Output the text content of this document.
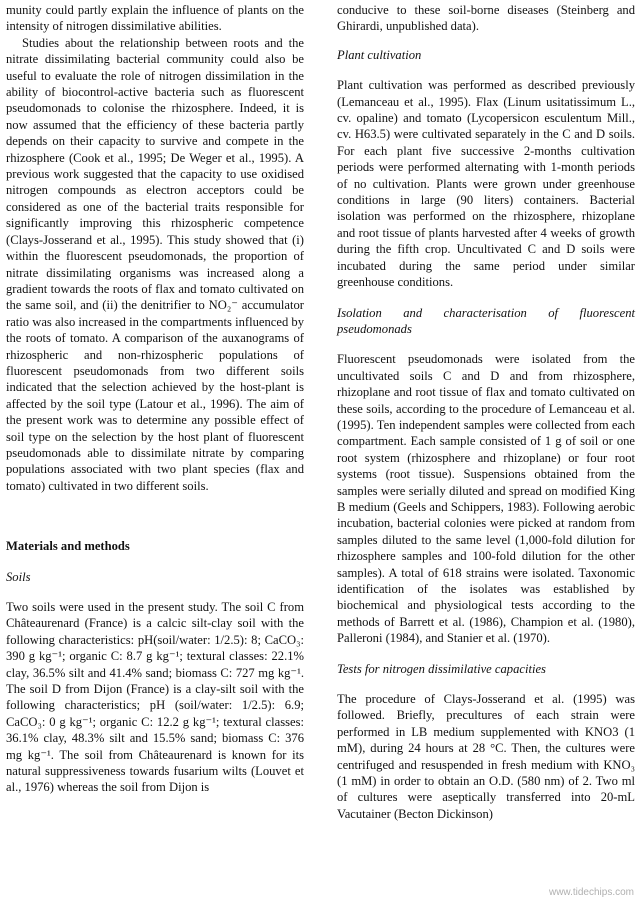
munity could partly explain the influence of plants on the intensity of nitrogen dissimilative abilities.

Studies about the relationship between roots and the nitrate dissimilating bacterial community could also be useful to evaluate the role of nitrogen dissimilation in the ability of biocontrol-active bacteria such as fluorescent pseudomonads to colonise the rhizosphere. Indeed, it is now assumed that the efficiency of these bacteria partly depends on their capacity to survive and compete in the rhizosphere (Cook et al., 1995; De Weger et al., 1995). A previous work suggested that the capacity to use oxidised nitrogen compounds as electron acceptors could be considered as one of the bacterial traits responsible for significantly improving this rhizospheric competence (Clays-Josserand et al., 1995). This study showed that (i) within the fluorescent pseudomonads, the proportion of nitrate dissimilating organisms was increased along a gradient towards the roots of flax and tomato cultivated on the same soil, and (ii) the denitrifier to NO₂⁻ accumulator ratio was also increased in the compartments influenced by the roots of tomato. A comparison of the auxanograms of rhizospheric and non-rhizospheric populations of fluorescent pseudomonads from two different soils indicated that the selection achieved by the host-plant is affected by the soil type (Latour et al., 1996). The aim of the present work was to determine any possible effect of soil type on the selection by the host plant of fluorescent pseudomonads able to dissimilate nitrate by comparing populations associated with two plant species (flax and tomato) cultivated in two different soils.

Materials and methods

Soils

Two soils were used in the present study. The soil C from Châteaurenard (France) is a calcic silt-clay soil with the following characteristics: pH(soil/water: 1/2.5): 8; CaCO₃: 390 g kg⁻¹; organic C: 8.7 g kg⁻¹; textural classes: 22.1% clay, 36.5% silt and 41.4% sand; biomass C: 727 mg kg⁻¹. The soil D from Dijon (France) is a clay-silt soil with the following characteristics; pH (soil/water: 1/2.5): 6.9; CaCO₃: 0 g kg⁻¹; organic C: 12.2 g kg⁻¹; textural classes: 36.1% clay, 48.3% silt and 15.5% sand; biomass C: 376 mg kg⁻¹. The soil from Châteaurenard is known for its natural suppressiveness towards fusarium wilts (Louvet et al., 1976) whereas the soil from Dijon is

conducive to these soil-borne diseases (Steinberg and Ghirardi, unpublished data).

Plant cultivation

Plant cultivation was performed as described previously (Lemanceau et al., 1995). Flax (Linum usitatissimum L., cv. opaline) and tomato (Lycopersicon esculentum Mill., cv. H63.5) were cultivated separately in the C and D soils. For each plant five successive 2-months cultivation periods were performed alternating with 1-month periods of no cultivation. Plants were grown under greenhouse conditions in large (90 liters) containers. Bacterial isolation was performed on the rhizosphere, rhizoplane and root tissue of plants harvested after 4 weeks of growth during the fifth crop. Uncultivated C and D soils were incubated during the same period under similar greenhouse conditions.

Isolation and characterisation of fluorescent pseudomonads

Fluorescent pseudomonads were isolated from the uncultivated soils C and D and from rhizosphere, rhizoplane and root tissue of flax and tomato cultivated on these soils, according to the procedure of Lemanceau et al. (1995). Ten independent samples were collected from each compartment. Each sample consisted of 1 g of soil or one root system (rhizosphere and rhizoplane) or four root systems (root tissue). Suspensions obtained from the samples were serially diluted and spread on modified King B medium (Geels and Schippers, 1983). Following aerobic incubation, bacterial colonies were picked at random from samples diluted to the same level (1,000-fold dilution for rhizosphere samples and 100-fold dilution for the other samples). A total of 618 strains were isolated. Taxonomic identification of the isolates was established by biochemical and physiological tests according to the methods of Barrett et al. (1986), Champion et al. (1980), Palleroni (1984), and Stanier et al. (1970).

Tests for nitrogen dissimilative capacities

The procedure of Clays-Josserand et al. (1995) was followed. Briefly, precultures of each strain were performed in LB medium supplemented with KNO3 (1 mM), during 24 hours at 28 °C. Then, the cultures were centrifuged and resuspended in fresh medium with KNO₃ (1 mM) in order to obtain an O.D. (580 nm) of 2. Two ml of cultures were aseptically transferred into 20-mL Vacutainer (Becton Dickinson)

www.tidechips.com
